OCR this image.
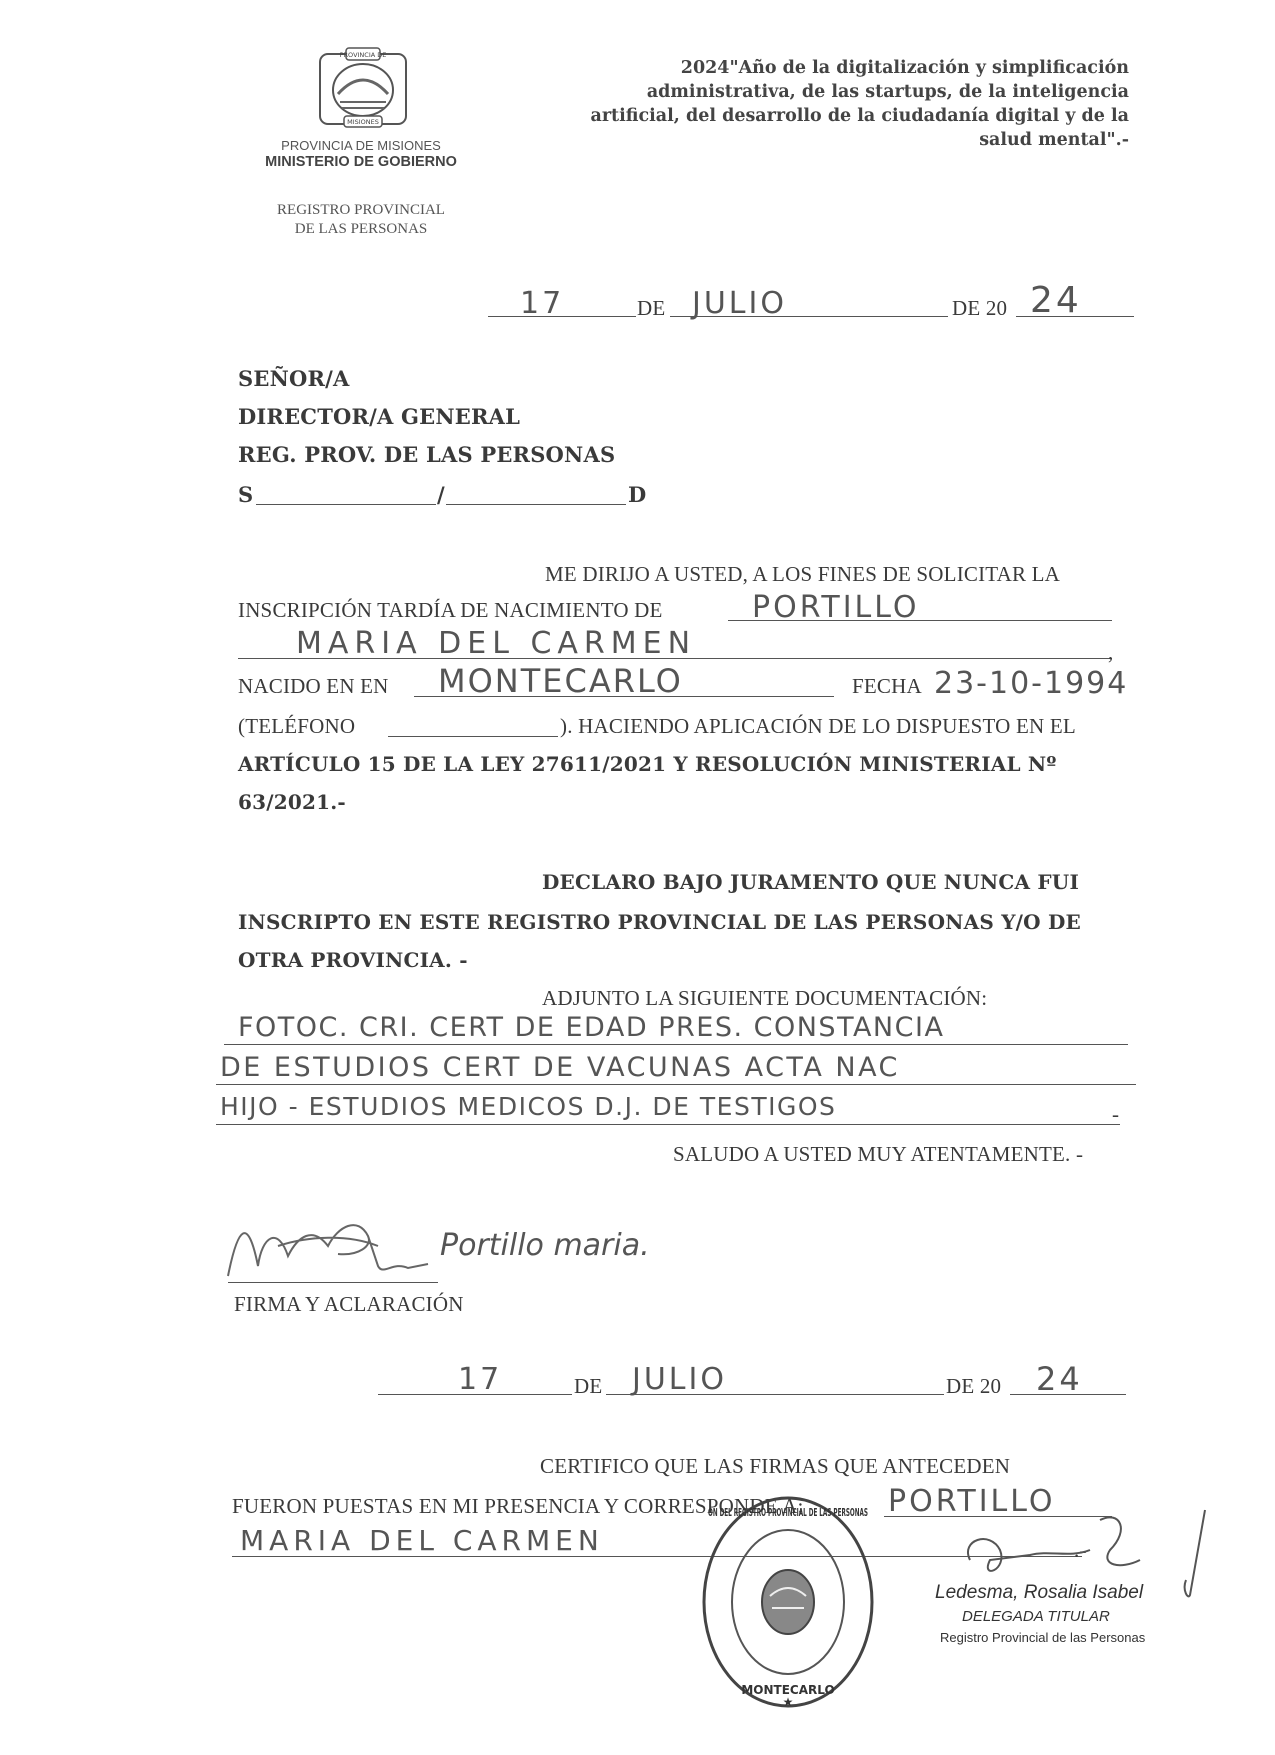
PROVINCIA DE
MISIONES
PROVINCIA DE MISIONES
MINISTERIO DE GOBIERNO
REGISTRO PROVINCIAL
DE LAS PERSONAS
2024"Año de la digitalización y simplificación administrativa, de las startups, de la inteligencia artificial, del desarrollo de la ciudadanía digital y de la salud mental".-
17	DE JULIO	DE 20 24
SEÑOR/A
DIRECTOR/A GENERAL
REG. PROV. DE LAS PERSONAS
S	/	D
ME DIRIJO A USTED, A LOS FINES DE SOLICITAR LA
INSCRIPCIÓN TARDÍA DE NACIMIENTO DE	PORTILLO
MARIA DEL CARMEN	,
NACIDO EN EN MONTECARLO	FECHA 23-10-1994
(TELÉFONO	). HACIENDO APLICACIÓN DE LO DISPUESTO EN EL
ARTÍCULO 15 DE LA LEY 27611/2021 Y RESOLUCIÓN MINISTERIAL Nº
63/2021.-
DECLARO BAJO JURAMENTO QUE NUNCA FUI
INSCRIPTO EN ESTE REGISTRO PROVINCIAL DE LAS PERSONAS Y/O DE
OTRA PROVINCIA. -
ADJUNTO LA SIGUIENTE DOCUMENTACIÓN:
FOTOC. CRI. CERT DE EDAD PRES. CONSTANCIA
DE ESTUDIOS CERT DE VACUNAS ACTA NAC
HIJO - ESTUDIOS MEDICOS D.J. DE TESTIGOS	-
SALUDO A USTED MUY ATENTAMENTE. -
Portillo maria.
FIRMA Y ACLARACIÓN
17	DE JULIO	DE 20 24
CERTIFICO QUE LAS FIRMAS QUE ANTECEDEN
FUERON PUESTAS EN MI PRESENCIA Y CORRESPONDE A:	PORTILLO
MARIA DEL CARMEN	.-
ON DEL REGISTRO PROVINCIAL DE LAS PERSONAS
MONTECARLO
★
Ledesma, Rosalia Isabel
DELEGADA TITULAR
Registro Provincial de las Personas
